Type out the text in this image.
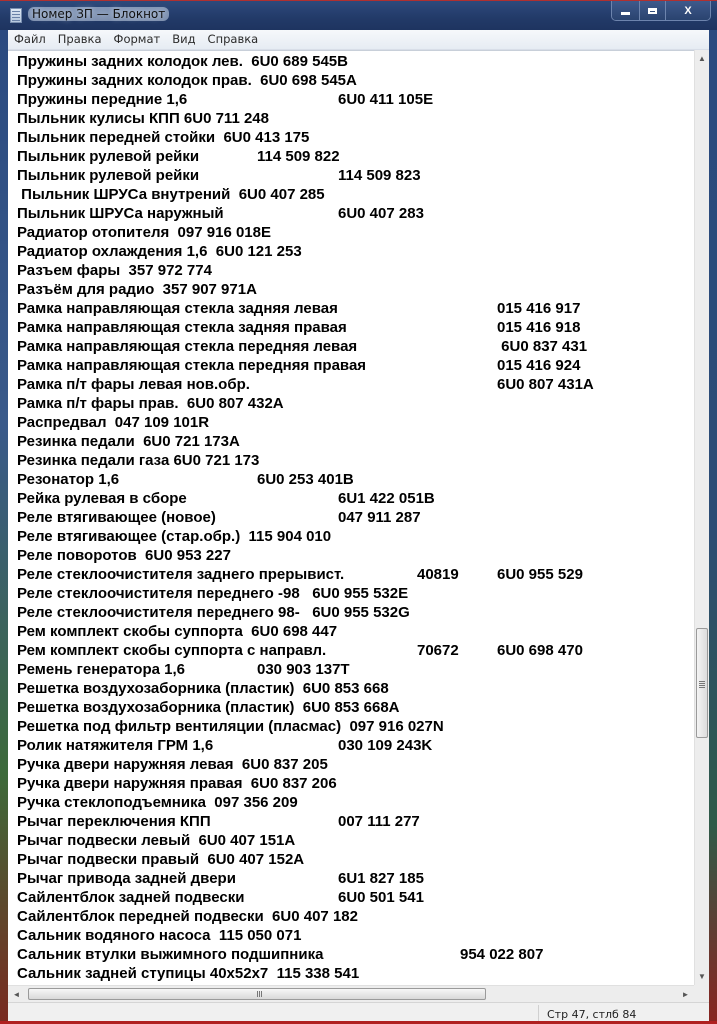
Номер ЗП — Блокнот	X
Файл	Правка	Формат	Вид	Справка
Пружины задних колодок лев.  6U0 689 545B
Пружины задних колодок прав.  6U0 698 545A
Пружины передние 1,6	6U0 411 105E
Пыльник кулисы КПП 6U0 711 248
Пыльник передней стойки  6U0 413 175
Пыльник рулевой рейки	114 509 822
Пыльник рулевой рейки	114 509 823
Пыльник ШРУСа внутрений  6U0 407 285
Пыльник ШРУСа наружный	6U0 407 283
Радиатор отопителя  097 916 018E
Радиатор охлаждения 1,6  6U0 121 253
Разъем фары  357 972 774
Разъём для радио  357 907 971A
Рамка направляющая стекла задняя левая	015 416 917
Рамка направляющая стекла задняя правая	015 416 918
Рамка направляющая стекла передняя левая	6U0 837 431
Рамка направляющая стекла передняя правая	015 416 924
Рамка п/т фары левая нов.обр.	6U0 807 431A
Рамка п/т фары прав.  6U0 807 432A
Распредвал  047 109 101R
Резинка педали  6U0 721 173A
Резинка педали газа 6U0 721 173
Резонатор 1,6	6U0 253 401B
Рейка рулевая в сборе	6U1 422 051B
Реле втягивающее (новое)	047 911 287
Реле втягивающее (стар.обр.)  115 904 010
Реле поворотов  6U0 953 227
Реле стеклоочистителя заднего прерывист.	40819	6U0 955 529
Реле стеклоочистителя переднего -98   6U0 955 532E
Реле стеклоочистителя переднего 98-   6U0 955 532G
Рем комплект скобы суппорта  6U0 698 447
Рем комплект скобы суппорта с направл.	70672	6U0 698 470
Ремень генератора 1,6	030 903 137T
Решетка воздухозаборника (пластик)  6U0 853 668
Решетка воздухозаборника (пластик)  6U0 853 668A
Решетка под фильтр вентиляции (пласмас)  097 916 027N
Ролик натяжителя ГРМ 1,6	030 109 243K
Ручка двери наружняя левая  6U0 837 205
Ручка двери наружняя правая  6U0 837 206
Ручка стеклоподъемника  097 356 209
Рычаг переключения КПП	007 111 277
Рычаг подвески левый  6U0 407 151A
Рычаг подвески правый  6U0 407 152A
Рычаг привода задней двери	6U1 827 185
Сайлентблок задней подвески	6U0 501 541
Сайлентблок передней подвески  6U0 407 182
Сальник водяного насоса  115 050 071
Сальник втулки выжимного подшипника	954 022 807
Сальник задней ступицы 40x52x7  115 338 541
▲
▼
◄	►
Стр 47, стлб 84
